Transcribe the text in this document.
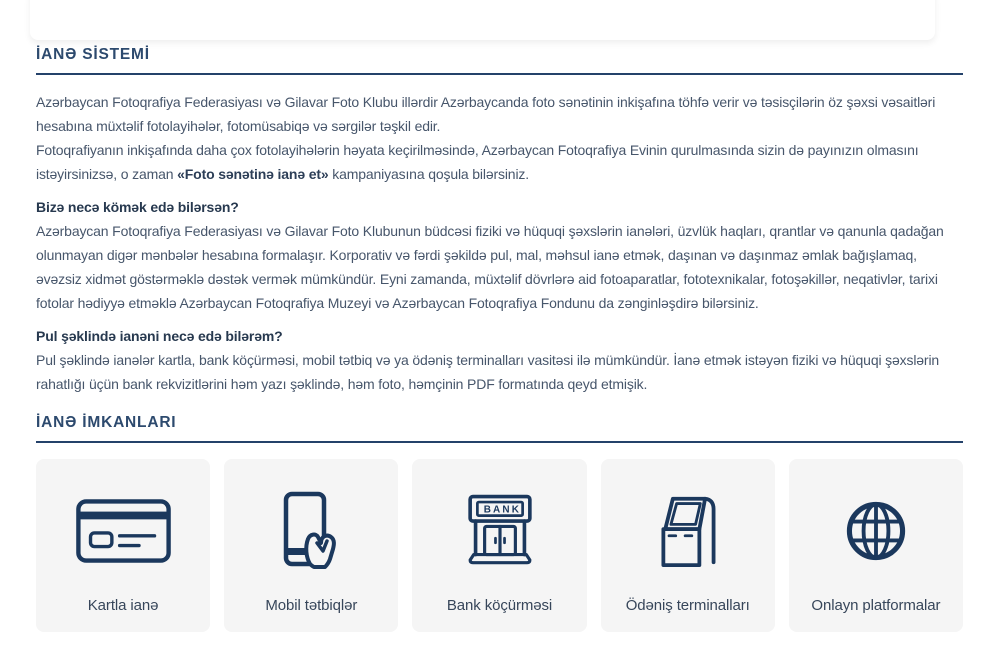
İANƏ SİSTEMİ

Azərbaycan Fotoqrafiya Federasiyası və Gilavar Foto Klubu illərdir Azərbaycanda foto sənətinin inkişafına töhfə verir və təsisçilərin öz şəxsi vəsaitləri hesabına müxtəlif fotolayihələr, fotomüsabiqə və sərgilər təşkil edir.

Fotoqrafiyanın inkişafında daha çox fotolayihələrin həyata keçirilməsində, Azərbaycan Fotoqrafiya Evinin qurulmasında sizin də payınızın olmasını istəyirsinizsə, o zaman «Foto sənətinə ianə et» kampaniyasına qoşula bilərsiniz.

Bizə necə kömək edə bilərsən?
Azərbaycan Fotoqrafiya Federasiyası və Gilavar Foto Klubunun büdcəsi fiziki və hüquqi şəxslərin ianələri, üzvlük haqları, qrantlar və qanunla qadağan olunmayan digər mənbələr hesabına formalaşır. Korporativ və fərdi şəkildə pul, mal, məhsul ianə etmək, daşınan və daşınmaz əmlak bağışlamaq, əvəzsiz xidmət göstərməklə dəstək vermək mümkündür. Eyni zamanda, müxtəlif dövrlərə aid fotoaparatlar, fototexnikalar, fotoşəkillər, neqativlər, tarixi fotolar hədiyyə etməklə Azərbaycan Fotoqrafiya Muzeyi və Azərbaycan Fotoqrafiya Fondunu da zənginləşdirə bilərsiniz.

Pul şəklində ianəni necə edə bilərəm?
Pul şəklində ianələr kartla, bank köçürməsi, mobil tətbiq və ya ödəniş terminalları vasitəsi ilə mümkündür. İanə etmək istəyən fiziki və hüquqi şəxslərin rahatlığı üçün bank rekvizitlərini həm yazı şəklində, həm foto, həmçinin PDF formatında qeyd etmişik.

İANƏ İMKANLARI
Kartla ianə	Mobil tətbiqlər
BANK
Bank köçürməsi	Ödəniş terminalları	Onlayn platformalar
